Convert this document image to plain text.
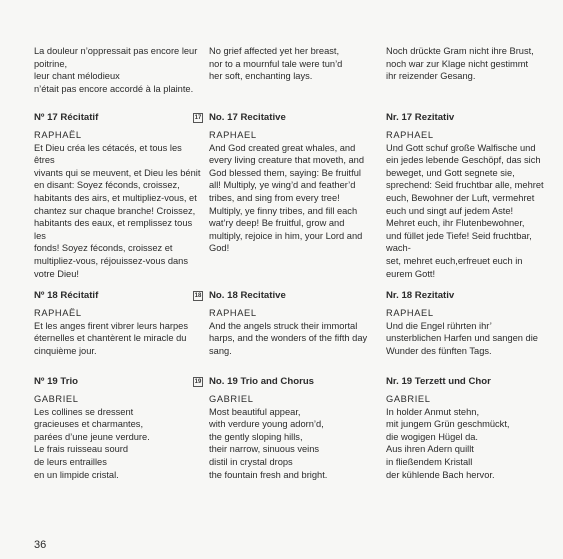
La douleur n’oppressait pas encore leur
poitrine,
leur chant mélodieux
n’était pas encore accordé à la plainte.
Nº 17 Récitatif
RAPHAËL
Et Dieu créa les cétacés, et tous les êtres
vivants qui se meuvent, et Dieu les bénit
en disant: Soyez féconds, croissez,
habitants des airs, et multipliez-vous, et
chantez sur chaque branche! Croissez,
habitants des eaux, et remplissez tous les
fonds! Soyez féconds, croissez et
multipliez-vous, réjouissez-vous dans
votre Dieu!
Nº 18 Récitatif
RAPHAËL
Et les anges firent vibrer leurs harpes
éternelles et chantèrent le miracle du
cinquième jour.
Nº 19 Trio
GABRIEL
Les collines se dressent
gracieuses et charmantes,
parées d’une jeune verdure.
Le frais ruisseau sourd
de leurs entrailles
en un limpide cristal.
No grief affected yet her breast,
nor to a mournful tale were tun’d
her soft, enchanting lays.
17 No. 17 Recitative
RAPHAEL
And God created great whales, and
every living creature that moveth, and
God blessed them, saying: Be fruitful
all! Multiply, ye wing’d and feather’d
tribes, and sing from every tree!
Multiply, ye finny tribes, and fill each
wat’ry deep! Be fruitful, grow and
multiply, rejoice in him, your Lord and
God!
18 No. 18 Recitative
RAPHAEL
And the angels struck their immortal
harps, and the wonders of the fifth day
sang.
19 No. 19 Trio and Chorus
GABRIEL
Most beautiful appear,
with verdure young adorn’d,
the gently sloping hills,
their narrow, sinuous veins
distil in crystal drops
the fountain fresh and bright.
Noch drückte Gram nicht ihre Brust,
noch war zur Klage nicht gestimmt
ihr reizender Gesang.
Nr. 17 Rezitativ
RAPHAEL
Und Gott schuf große Walfische und
ein jedes lebende Geschöpf, das sich
beweget, und Gott segnete sie,
sprechend: Seid fruchtbar alle, mehret
euch, Bewohner der Luft, vermehret
euch und singt auf jedem Aste!
Mehret euch, ihr Flutenbewohner,
und füllet jede Tiefe! Seid fruchtbar, wach-
set, mehret euch,erfreuet euch in
eurem Gott!
Nr. 18 Rezitativ
RAPHAEL
Und die Engel rührten ihr’
unsterblichen Harfen und sangen die
Wunder des fünften Tags.
Nr. 19 Terzett und Chor
GABRIEL
In holder Anmut stehn,
mit jungem Grün geschmückt,
die wogigen Hügel da.
Aus ihren Adern quillt
in fließendem Kristall
der kühlende Bach hervor.
36
